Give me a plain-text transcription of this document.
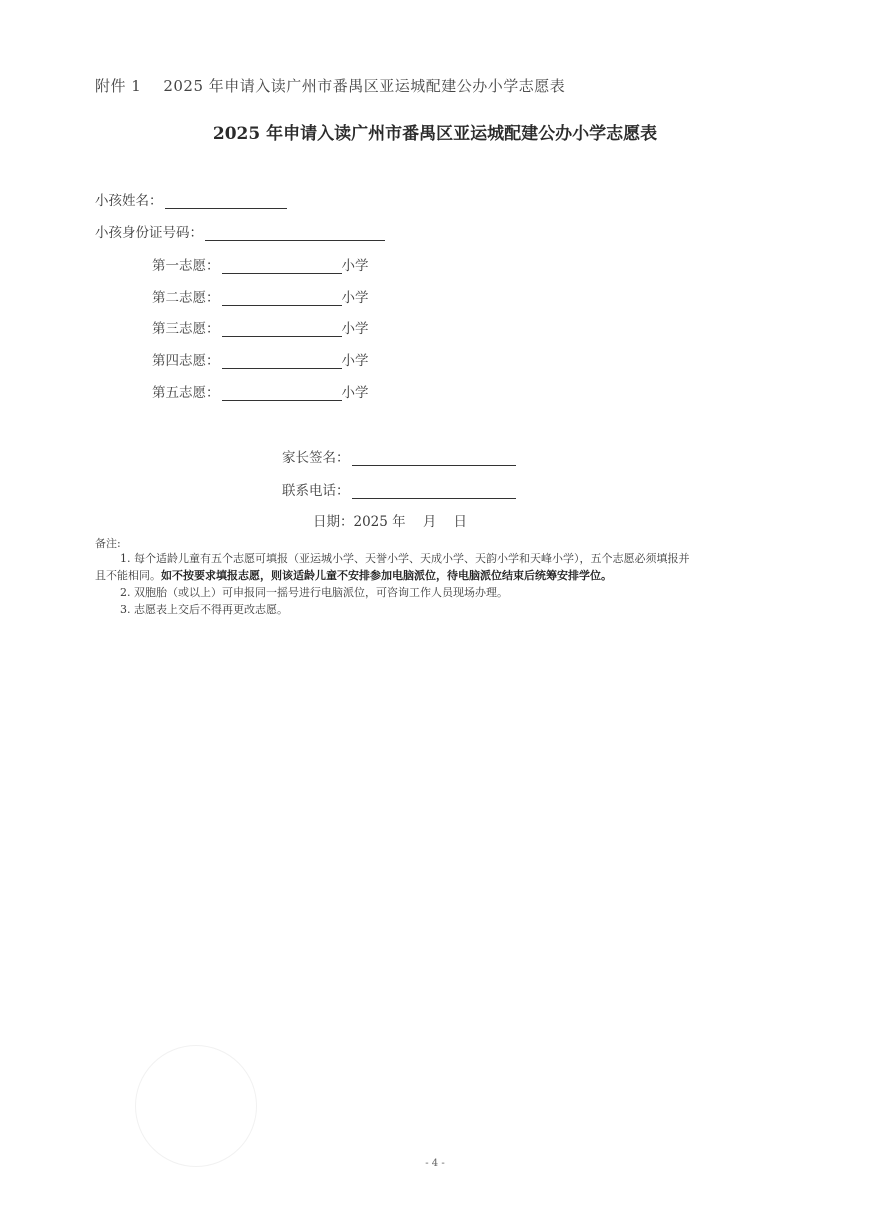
附件 1 2025 年申请入读广州市番禺区亚运城配建公办小学志愿表
2025 年申请入读广州市番禺区亚运城配建公办小学志愿表
小孩姓名：
小孩身份证号码：
第一志愿：	小学
第二志愿：	小学
第三志愿：	小学
第四志愿：	小学
第五志愿：	小学
家长签名：
联系电话：
日期：2025 年    月    日
备注:
1. 每个适龄儿童有五个志愿可填报（亚运城小学、天誉小学、天成小学、天韵小学和天峰小学），五个志愿必须填报并
且不能相同。如不按要求填报志愿，则该适龄儿童不安排参加电脑派位，待电脑派位结束后统筹安排学位。
2. 双胞胎（或以上）可申报同一摇号进行电脑派位，可咨询工作人员现场办理。
3. 志愿表上交后不得再更改志愿。
- 4 -
